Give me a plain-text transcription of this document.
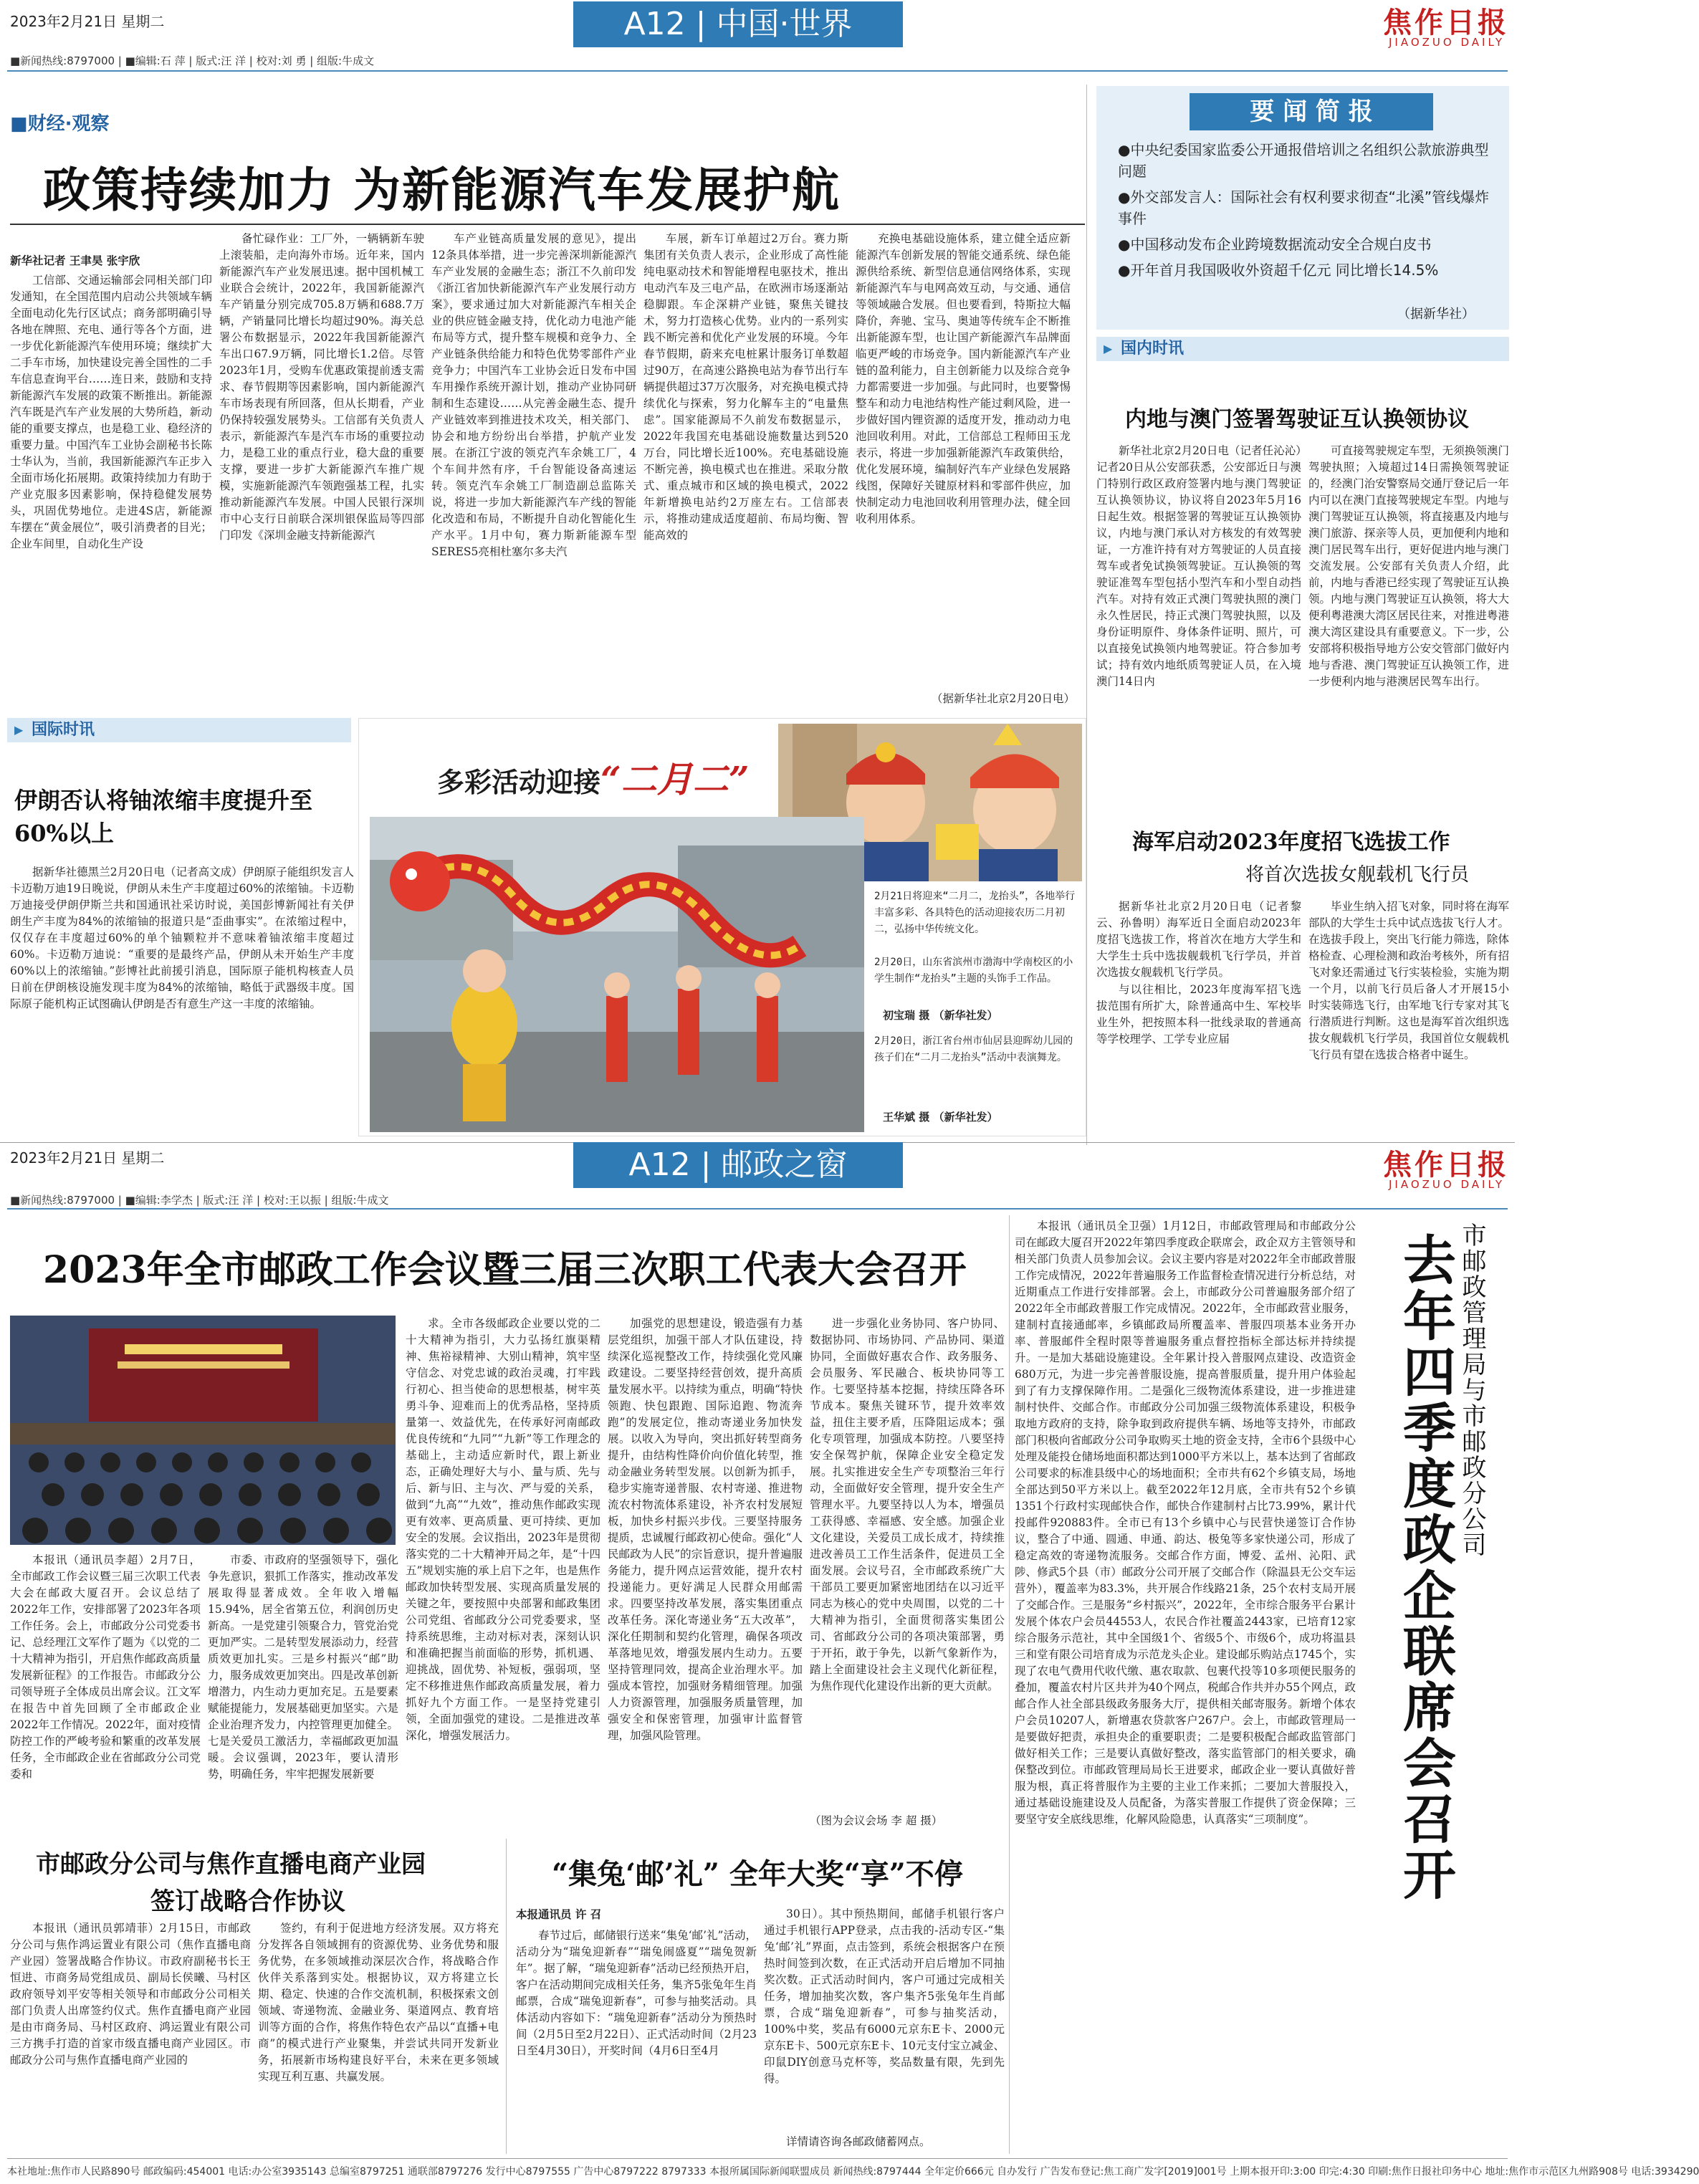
2023年2月21日 星期二	A12 | 中国·世界	焦作日报
JIAOZUO DAILY
■新闻热线:8797000 | ■编辑:石 萍 | 版式:汪 洋 | 校对:刘 勇 | 组版:牛成文
■财经·观察
政策持续加力 为新能源汽车发展护航
新华社记者 王聿昊 张宇欣

工信部、交通运输部会同相关部门印发通知，在全国范围内启动公共领域车辆全面电动化先行区试点；商务部明确引导各地在牌照、充电、通行等各个方面，进一步优化新能源汽车使用环境；继续扩大二手车市场，加快建设完善全国性的二手车信息查询平台……连日来，鼓励和支持新能源汽车发展的政策不断推出。新能源汽车既是汽车产业发展的大势所趋，新动能的重要支撑点，也是稳工业、稳经济的重要力量。中国汽车工业协会副秘书长陈士华认为，当前，我国新能源汽车正步入全面市场化拓展期。政策持续加力有助于产业克服多因素影响，保持稳健发展势头，巩固优势地位。走进4S店，新能源车摆在“黄金展位”，吸引消费者的目光；企业车间里，自动化生产设

备忙碌作业：工厂外，一辆辆新车驶上滚装船，走向海外市场。近年来，国内新能源汽车产业发展迅速。据中国机械工业联合会统计，2022年，我国新能源汽车产销量分别完成705.8万辆和688.7万辆，产销量同比增长均超过90%。海关总署公布数据显示，2022年我国新能源汽车出口67.9万辆，同比增长1.2倍。尽管2023年1月，受购车优惠政策提前透支需求、春节假期等因素影响，国内新能源汽车市场表现有所回落，但从长期看，产业仍保持较强发展势头。工信部有关负责人表示，新能源汽车是汽车市场的重要拉动力，是稳工业的重点行业，稳大盘的重要支撑，要进一步扩大新能源汽车推广规模，实施新能源汽车领跑强基工程，扎实推动新能源汽车发展。中国人民银行深圳市中心支行日前联合深圳银保监局等四部门印发《深圳金融支持新能源汽

车产业链高质量发展的意见》，提出12条具体举措，进一步完善深圳新能源汽车产业发展的金融生态；浙江不久前印发《浙江省加快新能源汽车产业发展行动方案》，要求通过加大对新能源汽车相关企业的供应链金融支持，优化动力电池产能布局等方式，提升整车规模和竞争力、全产业链条供给能力和特色优势零部件产业竞争力；中国汽车工业协会近日发布中国车用操作系统开源计划，推动产业协同研制和生态建设……从完善金融生态、提升产业链效率到推进技术攻关，相关部门、协会和地方纷纷出台举措，护航产业发展。在浙江宁波的领克汽车余姚工厂，4个车间井然有序，千台智能设备高速运转。领克汽车余姚工厂制造副总监陈关说，将进一步加大新能源汽车产线的智能化改造和布局，不断提升自动化智能化生产水平。1月中旬，赛力斯新能源车型SERES5亮相杜塞尔多夫汽

车展，新车订单超过2万台。赛力斯集团有关负责人表示，企业形成了高性能纯电驱动技术和智能增程电驱技术，推出电动汽车及三电产品，在欧洲市场逐渐站稳脚跟。车企深耕产业链，聚焦关键技术，努力打造核心优势。业内的一系列实践不断完善和优化产业发展的环境。今年春节假期，蔚来充电桩累计服务订单数超过90万，在高速公路换电站为春节出行车辆提供超过37万次服务，对充换电模式持续优化与探索，努力化解车主的“电量焦虑”。国家能源局不久前发布数据显示，2022年我国充电基础设施数量达到520万台，同比增长近100%。充电基础设施不断完善，换电模式也在推进。采取分散式、重点城市和区域的换电模式，2022年新增换电站约2万座左右。工信部表示，将推动建成适度超前、布局均衡、智能高效的

充换电基础设施体系，建立健全适应新能源汽车创新发展的智能交通系统、绿色能源供给系统、新型信息通信网络体系，实现新能源汽车与电网高效互动，与交通、通信等领域融合发展。但也要看到，特斯拉大幅降价，奔驰、宝马、奥迪等传统车企不断推出新能源车型，也让国产新能源汽车品牌面临更严峻的市场竞争。国内新能源汽车产业链的盈利能力，自主创新能力以及综合竞争力都需要进一步加强。与此同时，也要警惕整车和动力电池结构性产能过剩风险，进一步做好国内锂资源的适度开发，推动动力电池回收利用。对此，工信部总工程师田玉龙表示，将进一步加强新能源汽车政策供给，优化发展环境，编制好汽车产业绿色发展路线图，保障好关键原材料和零部件供应，加快制定动力电池回收利用管理办法，健全回收利用体系。

（据新华社北京2月20日电）
要 闻 简 报
●中央纪委国家监委公开通报借培训之名组织公款旅游典型问题
●外交部发言人：国际社会有权利要求彻查“北溪”管线爆炸事件
●中国移动发布企业跨境数据流动安全合规白皮书
●开年首月我国吸收外资超千亿元 同比增长14.5%
（据新华社）
▶ 国内时讯
内地与澳门签署驾驶证互认换领协议

新华社北京2月20日电（记者任沁沁）记者20日从公安部获悉，公安部近日与澳门特别行政区政府签署内地与澳门驾驶证互认换领协议，协议将自2023年5月16日起生效。根据签署的驾驶证互认换领协议，内地与澳门承认对方核发的有效驾驶证，一方准许持有对方驾驶证的人员直接驾车或者免试换领驾驶证。互认换领的驾驶证准驾车型包括小型汽车和小型自动挡汽车。对持有效正式澳门驾驶执照的澳门永久性居民，持正式澳门驾驶执照，以及身份证明原件、身体条件证明、照片，可以直接免试换领内地驾驶证。符合参加考试；持有效内地纸质驾驶证人员，在入境澳门14日内

可直接驾驶规定车型，无须换领澳门驾驶执照；入境超过14日需换领驾驶证的，经澳门治安警察局交通厅登记后一年内可以在澳门直接驾驶规定车型。内地与澳门驾驶证互认换领，将直接惠及内地与澳门旅游、探亲等人员，更加便利内地和澳门居民驾车出行，更好促进内地与澳门交流发展。公安部有关负责人介绍，此前，内地与香港已经实现了驾驶证互认换领。内地与澳门驾驶证互认换领，将大大便利粤港澳大湾区居民往来，对推进粤港澳大湾区建设具有重要意义。下一步，公安部将积极指导地方公安交管部门做好内地与香港、澳门驾驶证互认换领工作，进一步便利内地与港澳居民驾车出行。

海军启动2023年度招飞选拔工作
将首次选拔女舰载机飞行员

据新华社北京2月20日电（记者黎云、孙鲁明）海军近日全面启动2023年度招飞选拔工作，将首次在地方大学生和大学生士兵中选拔舰载机飞行学员，并首次选拔女舰载机飞行学员。

与以往相比，2023年度海军招飞选拔范围有所扩大，除普通高中生、军校毕业生外，把按照本科一批线录取的普通高等学校理学、工学专业应届

毕业生纳入招飞对象，同时将在海军部队的大学生士兵中试点选拔飞行人才。在选拔手段上，突出飞行能力筛选，除体格检查、心理检测和政治考核外，所有招飞对象还需通过飞行实装检验，实施为期一个月，以前飞行员后备人才开展15小时实装筛选飞行，由军地飞行专家对其飞行潜质进行判断。这也是海军首次组织选拔女舰载机飞行学员，我国首位女舰载机飞行员有望在选拔合格者中诞生。

▶ 国际时讯
伊朗否认将铀浓缩丰度提升至60%以上

据新华社德黑兰2月20日电（记者高文成）伊朗原子能组织发言人卡迈勒万迪19日晚说，伊朗从未生产丰度超过60%的浓缩铀。卡迈勒万迪接受伊朗伊斯兰共和国通讯社采访时说，美国彭博新闻社有关伊朗生产丰度为84%的浓缩铀的报道只是“歪曲事实”。在浓缩过程中，仅仅存在丰度超过60%的单个铀颗粒并不意味着铀浓缩丰度超过60%。卡迈勒万迪说：“重要的是最终产品，伊朗从未开始生产丰度60%以上的浓缩铀。”彭博社此前援引消息，国际原子能机构核查人员日前在伊朗核设施发现丰度为84%的浓缩铀，略低于武器级丰度。国际原子能机构正试图确认伊朗是否有意生产这一丰度的浓缩铀。

多彩活动迎接“二月二”
2月21日将迎来“二月二，龙抬头”，各地举行丰富多彩、各具特色的活动迎接农历二月初二，弘扬中华传统文化。
2月20日，山东省滨州市渤海中学南校区的小学生制作“龙抬头”主题的头饰手工作品。
初宝瑞 摄 （新华社发）
2月20日，浙江省台州市仙居县迎晖幼儿园的孩子们在“二月二龙抬头”活动中表演舞龙。
王华斌 摄 （新华社发）
2023年2月21日 星期二	A12 | 邮政之窗	焦作日报
JIAOZUO DAILY
■新闻热线:8797000 | ■编辑:李学杰 | 版式:汪 洋 | 校对:王以振 | 组版:牛成文
2023年全市邮政工作会议暨三届三次职工代表大会召开

本报讯（通讯员李超）2月7日，全市邮政工作会议暨三届三次职工代表大会在邮政大厦召开。会议总结了2022年工作，安排部署了2023年各项工作任务。会上，市邮政分公司党委书记、总经理江文军作了题为《以党的二十大精神为指引，开启焦作邮政高质量发展新征程》的工作报告。市邮政分公司领导班子全体成员出席会议。江文军在报告中首先回顾了全市邮政企业2022年工作情况。2022年，面对疫情防控工作的严峻考验和繁重的改革发展任务，全市邮政企业在省邮政分公司党委和

市委、市政府的坚强领导下，强化争先意识，狠抓工作落实，推动改革发展取得显著成效。全年收入增幅15.94%，居全省第五位，利润创历史新高。一是党建引领聚合力，管党治党更加严实。二是转型发展添动力，经营质效更加扎实。三是乡村振兴“邮”助力，服务成效更加突出。四是改革创新增潜力，内生动力更加充足。五是要素赋能提能力，发展基础更加坚实。六是企业治理齐发力，内控管理更加健全。七是关爱员工激活力，幸福邮政更加温暖。会议强调，2023年，要认清形势，明确任务，牢牢把握发展新要

求。全市各级邮政企业要以党的二十大精神为指引，大力弘扬红旗渠精神、焦裕禄精神、大别山精神，筑牢坚守信念、对党忠诚的政治灵魂，打牢践行初心、担当使命的思想根基，树牢英勇斗争、迎难而上的优秀品格，坚持质量第一、效益优先，在传承好河南邮政优良传统和“九同”“九新”等工作理念的基础上，主动适应新时代，跟上新业态，正确处理好大与小、量与质、先与后、新与旧、主与次、严与爱的关系，做到“九高”“九效”，推动焦作邮政实现更有效率、更高质量、更可持续、更加安全的发展。会议指出，2023年是贯彻落实党的二十大精神开局之年，是“十四五”规划实施的承上启下之年，也是焦作邮政加快转型发展、实现高质量发展的关键之年，要按照中央部署和邮政集团公司党组、省邮政分公司党委要求，坚持系统思维，主动对标对表，深刻认识和准确把握当前面临的形势，抓机遇、迎挑战，固优势、补短板，强弱项，坚定不移推进焦作邮政高质量发展，着力抓好九个方面工作。一是坚持党建引领，全面加强党的建设。二是推进改革深化，增强发展活力。

加强党的思想建设，锻造强有力基层党组织，加强干部人才队伍建设，持续深化巡视整改工作，持续强化党风廉政建设。二要坚持经营创效，提升高质量发展水平。以持续为重点，明确“特快领跑、快包跟跑、国际追跑、物流奔跑”的发展定位，推动寄递业务加快发展。以收入为导向，突出抓好转型商务提升，由结构性降价向价值化转型，推动金融业务转型发展。以创新为抓手，稳步实施寄递普服、农村寄递、推进物流农村物流体系建设，补齐农村发展短板，加快乡村振兴步伐。三要坚持服务提质，忠诚履行邮政初心使命。强化“人民邮政为人民”的宗旨意识，提升普遍服务能力，提升网点运营效能，提升农村投递能力。更好满足人民群众用邮需求。四要坚持改革发展，落实集团重点改革任务。深化寄递业务“五大改革”，深化任期制和契约化管理，确保各项改革落地见效，增强发展内生动力。五要坚持管理同效，提高企业治理水平。加强成本管控，加强财务精细管理。加强人力资源管理，加强服务质量管理，加强安全和保密管理，加强审计监督管理，加强风险管理。

进一步强化业务协同、客户协同、数据协同、市场协同、产品协同、渠道协同，全面做好惠农合作、政务服务、会员服务、军民融合、板块协同等工作。七要坚持基本挖掘，持续压降各环节成本。聚焦关键环节，提升效率效益，扭住主要矛盾，压降阻运成本；强化专项管理，加强成本防控。八要坚持安全保驾护航，保障企业安全稳定发展。扎实推进安全生产专项整治三年行动，全面做好安全管理，提升安全生产管理水平。九要坚持以人为本，增强员工获得感、幸福感、安全感。加强企业文化建设，关爱员工成长成才，持续推进改善员工工作生活条件，促进员工全面发展。会议号召，全市邮政系统广大干部员工要更加紧密地团结在以习近平同志为核心的党中央周围，以党的二十大精神为指引，全面贯彻落实集团公司、省邮政分公司的各项决策部署，勇于开拓，敢于争先，以新气象新作为，踏上全面建设社会主义现代化新征程，为焦作现代化建设作出新的更大贡献。

（图为会议会场 李 超 摄）

本报讯（通讯员全卫强）1月12日，市邮政管理局和市邮政分公司在邮政大厦召开2022年第四季度政企联席会，政企双方主管领导和相关部门负责人员参加会议。会议主要内容是对2022年全市邮政普服工作完成情况，2022年普遍服务工作监督检查情况进行分析总结，对近期重点工作进行安排部署。会上，市邮政分公司普遍服务部介绍了2022年全市邮政普服工作完成情况。2022年，全市邮政营业服务，建制村直接通邮率，乡镇邮政局所覆盖率、普服四项基本业务开办率、普服邮件全程时限等普遍服务重点督控指标全部达标并持续提升。一是加大基础设施建设。全年累计投入普服网点建设、改造资金680万元，为进一步完善普服设施，提高普服质量，提升用户体验起到了有力支撑保障作用。二是强化三级物流体系建设，进一步推进建制村快件、交邮合作。市邮政分公司加强三级物流体系建设，积极争取地方政府的支持，除争取到政府提供车辆、场地等支持外，市邮政部门积极向省邮政分公司争取购买土地的资金支持，全市6个县级中心处理及能投仓储场地面积都达到1000平方米以上，基本达到了省邮政公司要求的标准县级中心的场地面积；全市共有62个乡镇支局，场地全部达到50平方米以上。截至2022年12月底，全市共有52个乡镇1351个行政村实现邮快合作，邮快合作建制村占比73.99%，累计代投邮件920883件。全市已有13个乡镇中心与民营快递签订合作协议，整合了中通、圆通、申通、韵达、极兔等多家快递公司，形成了稳定高效的寄递物流服务。交邮合作方面，博爱、孟州、沁阳、武陟、修武5个县（市）邮政分公司开展了交邮合作（除温县无公交车运营外），覆盖率为83.3%，共开展合作线路21条，25个农村支局开展了交邮合作。三是服务“乡村振兴”，2022年，全市综合服务平台累计发展个体农户会员44553人，农民合作社覆盖2443家，已培育12家综合服务示范社，其中全国级1个、省级5个、市级6个，成功将温县三和堂有限公司培育成为示范龙头企业。建设邮乐购站点1745个，实现了农电气费用代收代缴、惠农取款、包裹代投等10多项便民服务的叠加，覆盖农村片区共并为40个网点，税邮合作共并办55个网点，政邮合作人社全部县级政务服务大厅，提供相关邮寄服务。新增个体农户会员10207人，新增惠农贷款客户267户。会上，市邮政管理局一是要做好把责，承担央企的重要职责；二是要积极配合邮政监管部门做好相关工作；三是要认真做好整改，落实监管部门的相关要求，确保整改到位。市邮政管理局局长王进要求，邮政企业一要认真做好普服为根，真正将普服作为主要的主业工作来抓；二要加大普服投入，通过基础设施建设及人员配备，为落实普服工作提供了资金保障；三要坚守安全底线思维，化解风险隐患，认真落实“三项制度”。

市邮政管理局与市邮政分公司
去年四季度政企联席会召开
市邮政分公司与焦作直播电商产业园
签订战略合作协议

本报讯（通讯员郭靖菲）2月15日，市邮政分公司与焦作鸿运置业有限公司（焦作直播电商产业园）签署战略合作协议。市政府副秘书长王恒进、市商务局党组成员、副局长侯曦、马村区政府领导刘平安等相关领导和市邮政分公司相关部门负责人出席签约仪式。焦作直播电商产业园是由市商务局、马村区政府、鸿运置业有限公司三方携手打造的首家市级直播电商产业园区。市邮政分公司与焦作直播电商产业园的

签约，有利于促进地方经济发展。双方将充分发挥各自领域拥有的资源优势、业务优势和服务优势，在多领域推动深层次合作，将战略合作伙伴关系落到实处。根据协议，双方将建立长期、稳定、快速的合作交流机制，积极探索文创领域、寄递物流、金融业务、渠道网点、教育培训等方面的合作，将焦作特色农产品以“直播+电商”的模式进行产业聚集，并尝试共同开发新业务，拓展新市场构建良好平台，未来在更多领域实现互利互惠、共赢发展。

“集兔‘邮’礼” 全年大奖“享”不停
本报通讯员 许 召

春节过后，邮储银行送来“集兔‘邮’礼”活动，活动分为“瑞兔迎新春”“瑞兔闹盛夏”“瑞兔贺新年”。据了解，“瑞兔迎新春”活动已经预热开启，客户在活动期间完成相关任务，集齐5张兔年生肖邮票，合成“瑞兔迎新春”，可参与抽奖活动。具体活动内容如下：“瑞兔迎新春”活动分为预热时间（2月5日至2月22日）、正式活动时间（2月23日至4月30日），开奖时间（4月6日至4月

30日）。其中预热期间，邮储手机银行客户通过手机银行APP登录，点击我的-活动专区-“集兔‘邮’礼”界面，点击签到，系统会根据客户在预热时间签到次数，在正式活动开启后增加不同抽奖次数。正式活动时间内，客户可通过完成相关任务，增加抽奖次数，客户集齐5张兔年生肖邮票，合成“瑞兔迎新春”，可参与抽奖活动，100%中奖，奖品有6000元京东E卡、2000元京东E卡、500元京东E卡、10元支付宝立减金、印鼠DIY创意马克杯等，奖品数量有限，先到先得。

详情请咨询各邮政储蓄网点。

本社地址:焦作市人民路890号 邮政编码:454001 电话:办公室3935143 总编室8797251 通联部8797276 发行中心8797555 广告中心8797222 8797333 本报所属国际新闻联盟成员 新闻热线:8797444 全年定价666元 自办发行 广告发布登记:焦工商广发字[2019]001号 上期本报开印:3:00 印完:4:30 印刷:焦作日报社印务中心 地址:焦作市示范区九州路908号 电话:3934290
